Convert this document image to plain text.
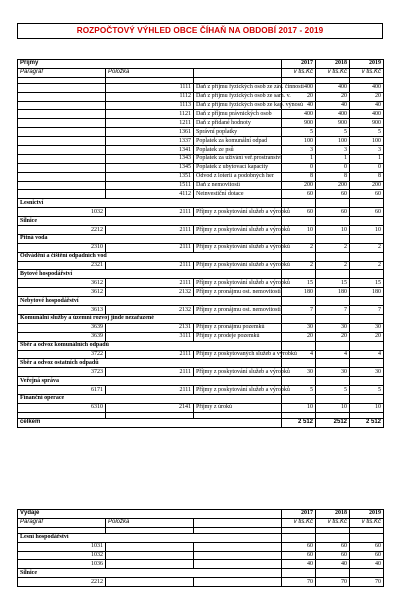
ROZPOČTOVÝ VÝHLED OBCE ČÍHAŇ NA OBDOBÍ 2017 - 2019
Příjmy			2017	2018	2019
Paragraf	Položka		v tis.Kč	v tis.Kč	v tis.Kč

	1111	Daň z příjmu fyzických osob ze záv. činnosti	400	400	400
	1112	Daň z příjmu fyzických osob ze sam. v.	20	20	20
	1113	Daň z příjmu fyzických osob ze kap. výnosů	40	40	40
	1121	Daň z příjmu právnických osob	400	400	400
	1211	Daň z přidané hodnoty	900	900	900
	1361	Správní poplatky	5	5	5
	1337	Poplatek za komunální odpad	100	100	100
	1341	Poplatek ze psů	3	3	3
	1343	Poplatek za užívání veř.prostranství	1	1	1
	1345	Poplatek z ubytovací kapacity	0	0	0
	1351	Odvod z loterií a podobných her	8	8	8
	1511	Daň z nemovitostí	200	200	200
	4112	Neinvestiční dotace	60	60	60
Lesnictví					
1032	2111	Příjmy z poskytování služeb a výrobků	60	60	60
Silnice					
2212	2111	Příjmy z poskytování služeb a výrobků	10	10	10
Pitná voda					
2310	2111	Příjmy z poskytování služeb a výrobků	2	2	2
Odvádění a čištění odpadních vod					
2321	2111	Příjmy z poskytování služeb a výrobků	2	2	2
Bytové hospodářství					
3612	2111	Příjmy z poskytování služeb a výrobků	15	15	15
3612	2132	Příjmy z pronájmu ost. nemovitostí	180	180	180
Nebytové hospodářství					
3613	2132	Příjmy z pronájmu ost. nemovitostí	7	7	7
Komunální služby a územní rozvoj jinde nezařazené					
3639	2131	Příjmy z pronájmu pozemků	30	30	30
3639	3111	Příjmy z prodeje pozemků	20	20	20
Sběr a odvoz komunálních odpadů					
3722	2111	Příjmy z poskytovaných služeb a výrobků	4	4	4
Sběr a odvoz ostatních odpadů					
3723	2111	Příjmy z poskytování služeb a výrobků	30	30	30
Veřejná správa					
6171	2111	Příjmy z poskytování služeb a výrobků	5	5	5
Finanční operace					
6310	2141	Příjmy z úroků	10	10	10

celkem			2 512	2512	2 512
Výdaje			2017	2018	2019
Paragraf	Položka		v tis.Kč	v tis.Kč	v tis.Kč

Lesní hospodářství					
1031			60	60	60
1032			60	60	60
1036			40	40	40
Silnice					
2212			70	70	70
